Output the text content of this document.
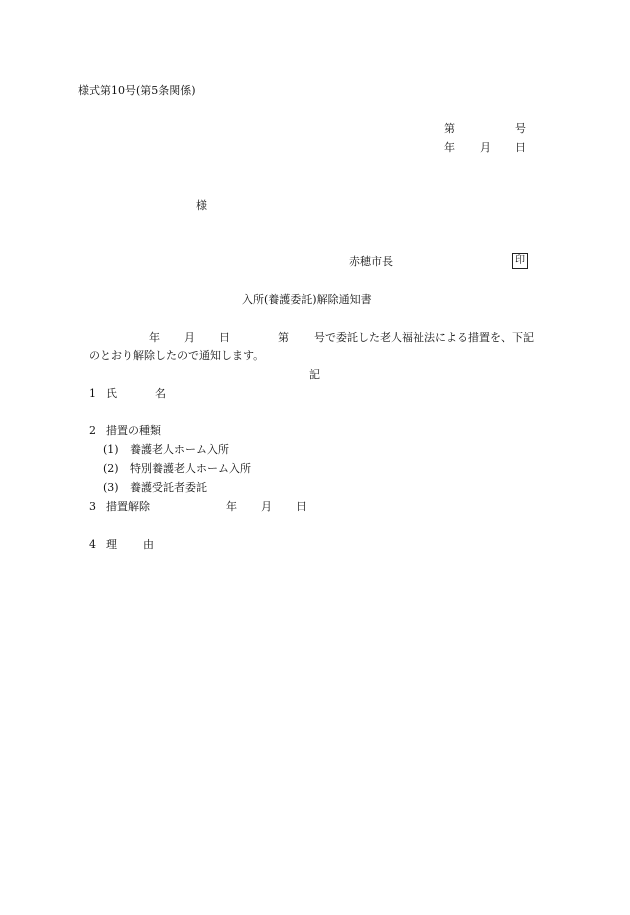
様式第10号(第5条関係)
第	号
年 月 日
様
赤穂市長	印
入所(養護委託)解除通知書
年 月 日	第 号で委託した老人福祉法による措置を、下記
のとおり解除したので通知します。
記
1 氏	名
2 措置の種類
(1) 養護老人ホーム入所
(2) 特別養護老人ホーム入所
(3) 養護受託者委託
3 措置解除	年 月 日
4 理 由
